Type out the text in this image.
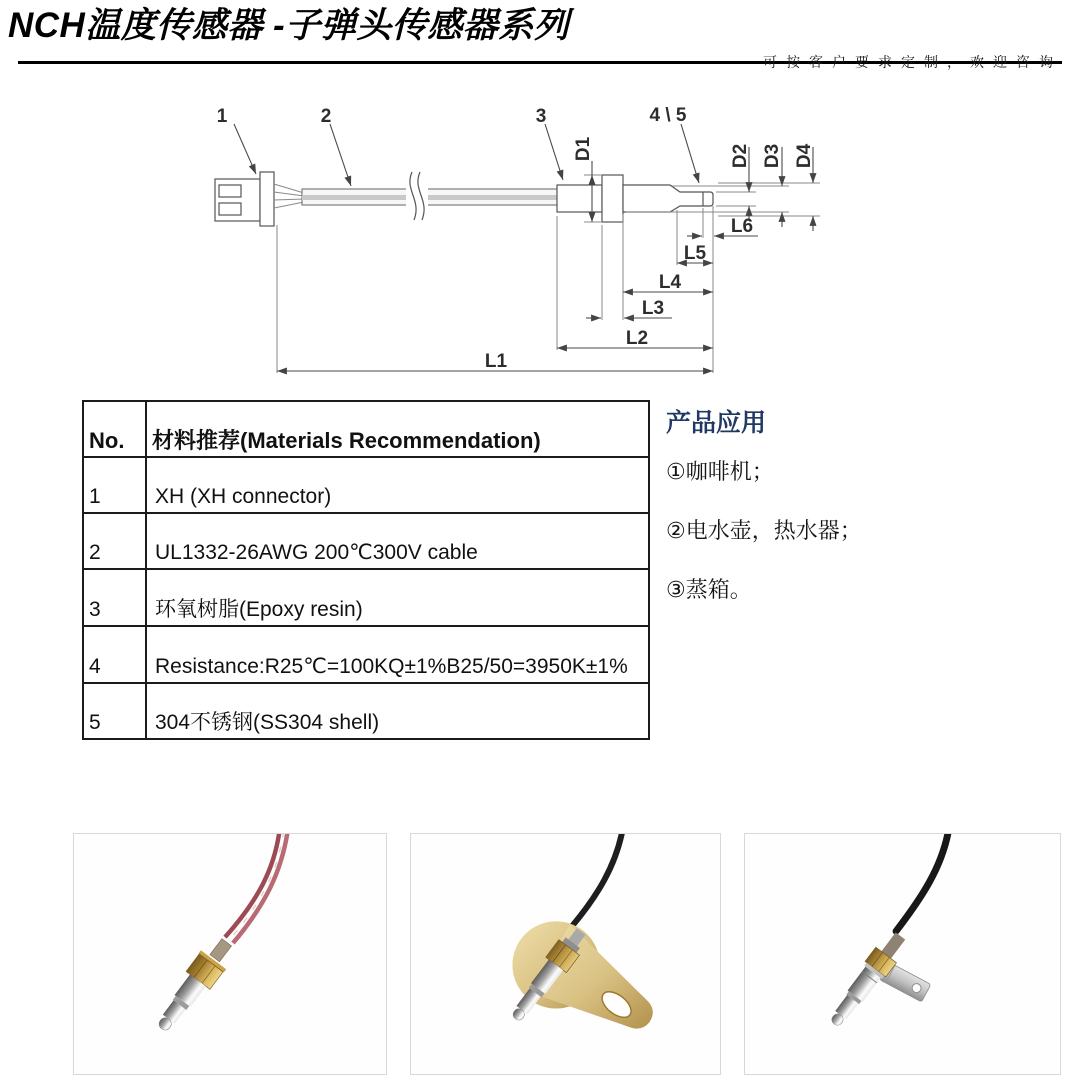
NCH温度传感器 -子弹头传感器系列
可按客户要求定制，欢迎咨询
1	2	3	4 \ 5
D1	D2 D3 D4
L6
L5
L4
L3
L2
L1
No.	材料推荐(Materials Recommendation)
1	XH (XH connector)
2	UL1332-26AWG 200℃300V cable
3	环氧树脂(Epoxy resin)
4	Resistance:R25℃=100KQ±1%B25/50=3950K±1%
5	304不锈钢(SS304 shell)
产品应用
①咖啡机；
②电水壶，热水器；
③蒸箱。
